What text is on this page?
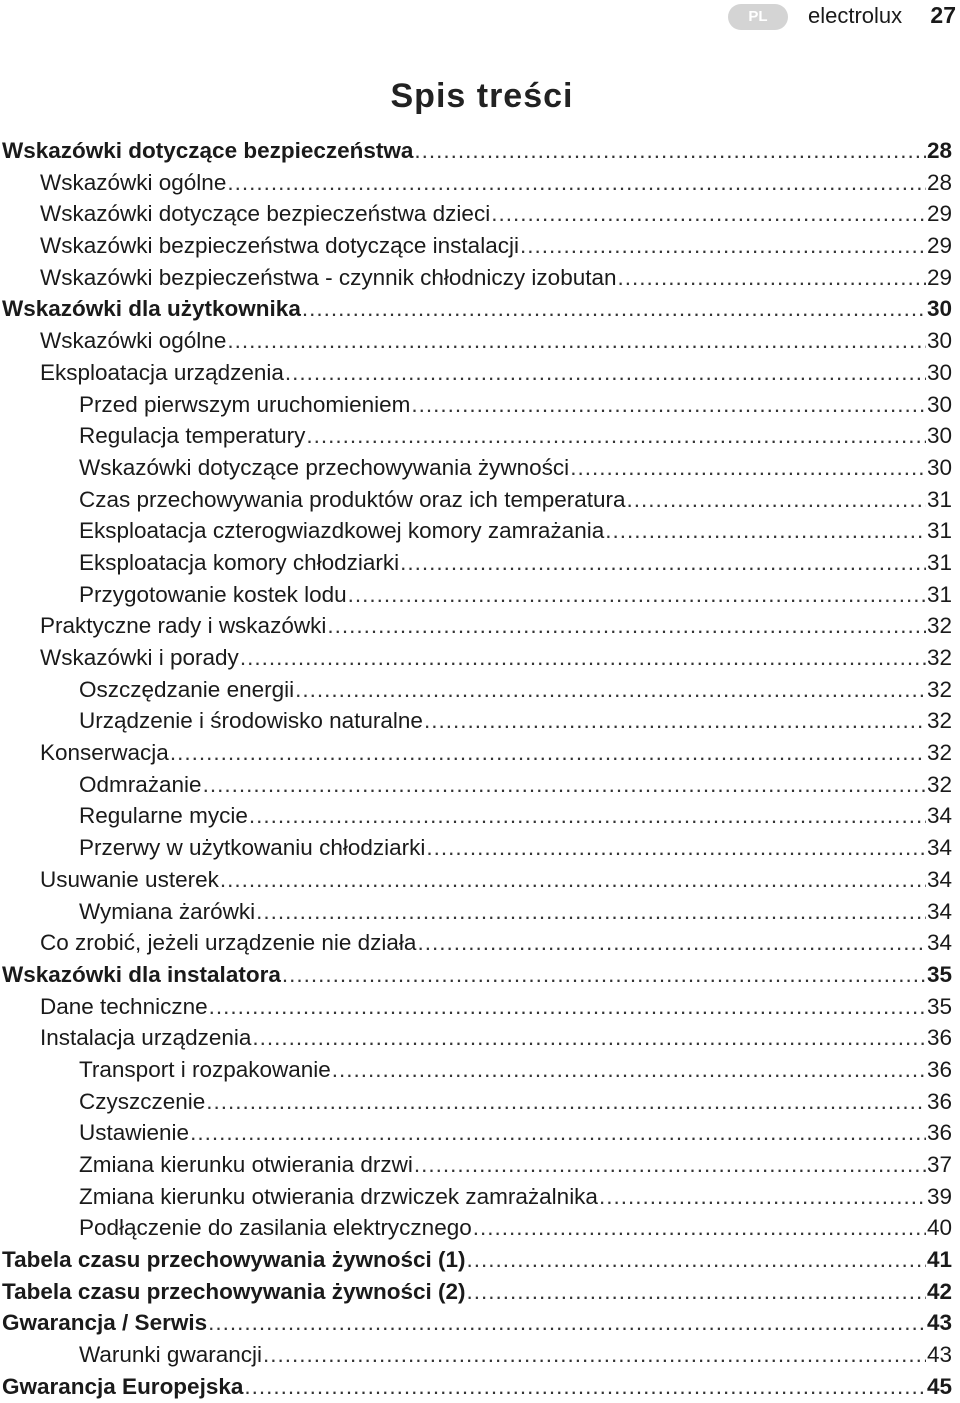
PL	electrolux 27
Spis treści
Wskazówki dotyczące bezpieczeństwa .....	28
Wskazówki ogólne .....	28
Wskazówki dotyczące bezpieczeństwa dzieci .....	29
Wskazówki bezpieczeństwa dotyczące instalacji .....	29
Wskazówki bezpieczeństwa - czynnik chłodniczy izobutan .....	29
Wskazówki dla użytkownika .....	30
Wskazówki ogólne .....	30
Eksploatacja urządzenia .....	30
Przed pierwszym uruchomieniem .....	30
Regulacja temperatury .....	30
Wskazówki dotyczące przechowywania żywności .....	30
Czas przechowywania produktów oraz ich temperatura .....	31
Eksploatacja czterogwiazdkowej komory zamrażania .....	31
Eksploatacja komory chłodziarki .....	31
Przygotowanie kostek lodu .....	31
Praktyczne rady i wskazówki .....	32
Wskazówki i porady .....	32
Oszczędzanie energii .....	32
Urządzenie i środowisko naturalne .....	32
Konserwacja .....	32
Odmrażanie .....	32
Regularne mycie .....	34
Przerwy w użytkowaniu chłodziarki .....	34
Usuwanie usterek .....	34
Wymiana żarówki .....	34
Co zrobić, jeżeli urządzenie nie działa .....	34
Wskazówki dla instalatora .....	35
Dane techniczne .....	35
Instalacja urządzenia .....	36
Transport i rozpakowanie .....	36
Czyszczenie .....	36
Ustawienie .....	36
Zmiana kierunku otwierania drzwi .....	37
Zmiana kierunku otwierania drzwiczek zamrażalnika .....	39
Podłączenie do zasilania elektrycznego .....	40
Tabela czasu przechowywania żywności (1) .....	41
Tabela czasu przechowywania żywności (2) .....	42
Gwarancja / Serwis .....	43
Warunki gwarancji .....	43
Gwarancja Europejska .....	45
